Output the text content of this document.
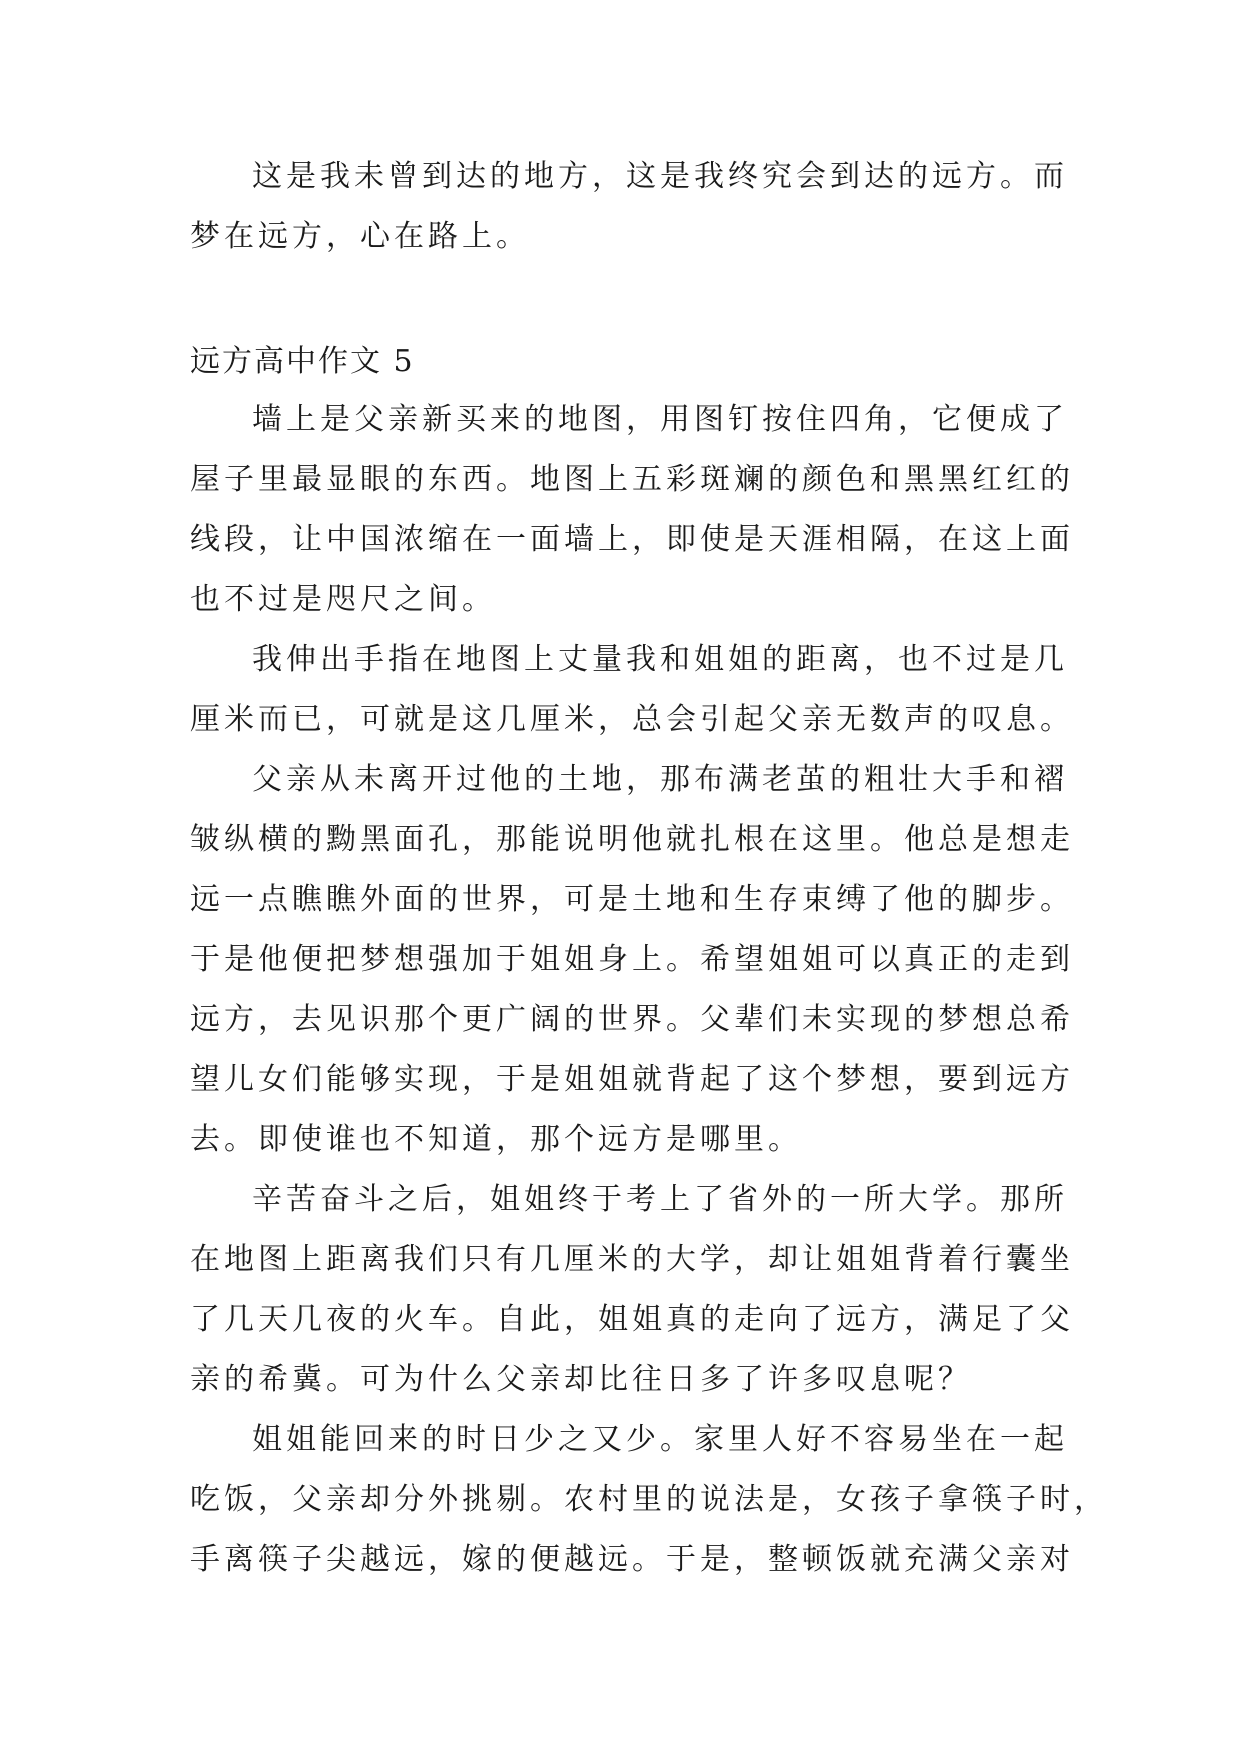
这是我未曾到达的地方，这是我终究会到达的远方。而
梦在远方，心在路上。
远方高中作文 5
墙上是父亲新买来的地图，用图钉按住四角，它便成了
屋子里最显眼的东西。地图上五彩斑斓的颜色和黑黑红红的
线段，让中国浓缩在一面墙上，即使是天涯相隔，在这上面
也不过是咫尺之间。
我伸出手指在地图上丈量我和姐姐的距离，也不过是几
厘米而已，可就是这几厘米，总会引起父亲无数声的叹息。
父亲从未离开过他的土地，那布满老茧的粗壮大手和褶
皱纵横的黝黑面孔，那能说明他就扎根在这里。他总是想走
远一点瞧瞧外面的世界，可是土地和生存束缚了他的脚步。
于是他便把梦想强加于姐姐身上。希望姐姐可以真正的走到
远方，去见识那个更广阔的世界。父辈们未实现的梦想总希
望儿女们能够实现，于是姐姐就背起了这个梦想，要到远方
去。即使谁也不知道，那个远方是哪里。
辛苦奋斗之后，姐姐终于考上了省外的一所大学。那所
在地图上距离我们只有几厘米的大学，却让姐姐背着行囊坐
了几天几夜的火车。自此，姐姐真的走向了远方，满足了父
亲的希冀。可为什么父亲却比往日多了许多叹息呢？
姐姐能回来的时日少之又少。家里人好不容易坐在一起
吃饭，父亲却分外挑剔。农村里的说法是，女孩子拿筷子时，
手离筷子尖越远，嫁的便越远。于是，整顿饭就充满父亲对
